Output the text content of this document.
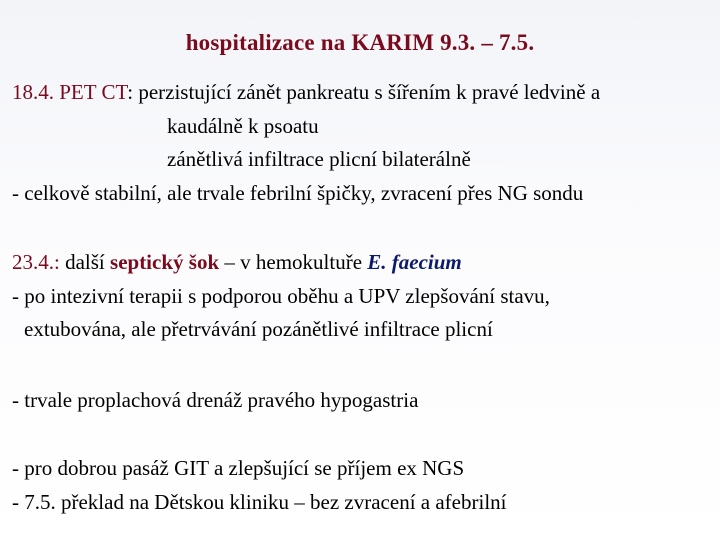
hospitalizace na KARIM 9.3. – 7.5.
18.4. PET CT: perzistující zánět pankreatu s šířením k pravé ledvině a
kaudálně k psoatu
zánětlivá infiltrace plicní bilaterálně
- celkově stabilní, ale trvale febrilní špičky, zvracení přes NG sondu
23.4.: další septický šok – v hemokultuře E. faecium
- po intezivní terapii s podporou oběhu a UPV zlepšování stavu,
extubována, ale přetrvávání pozánětlivé infiltrace plicní
- trvale proplachová drenáž pravého hypogastria
- pro dobrou pasáž GIT a zlepšující se příjem ex NGS
- 7.5. překlad na Dětskou kliniku – bez zvracení a afebrilní
